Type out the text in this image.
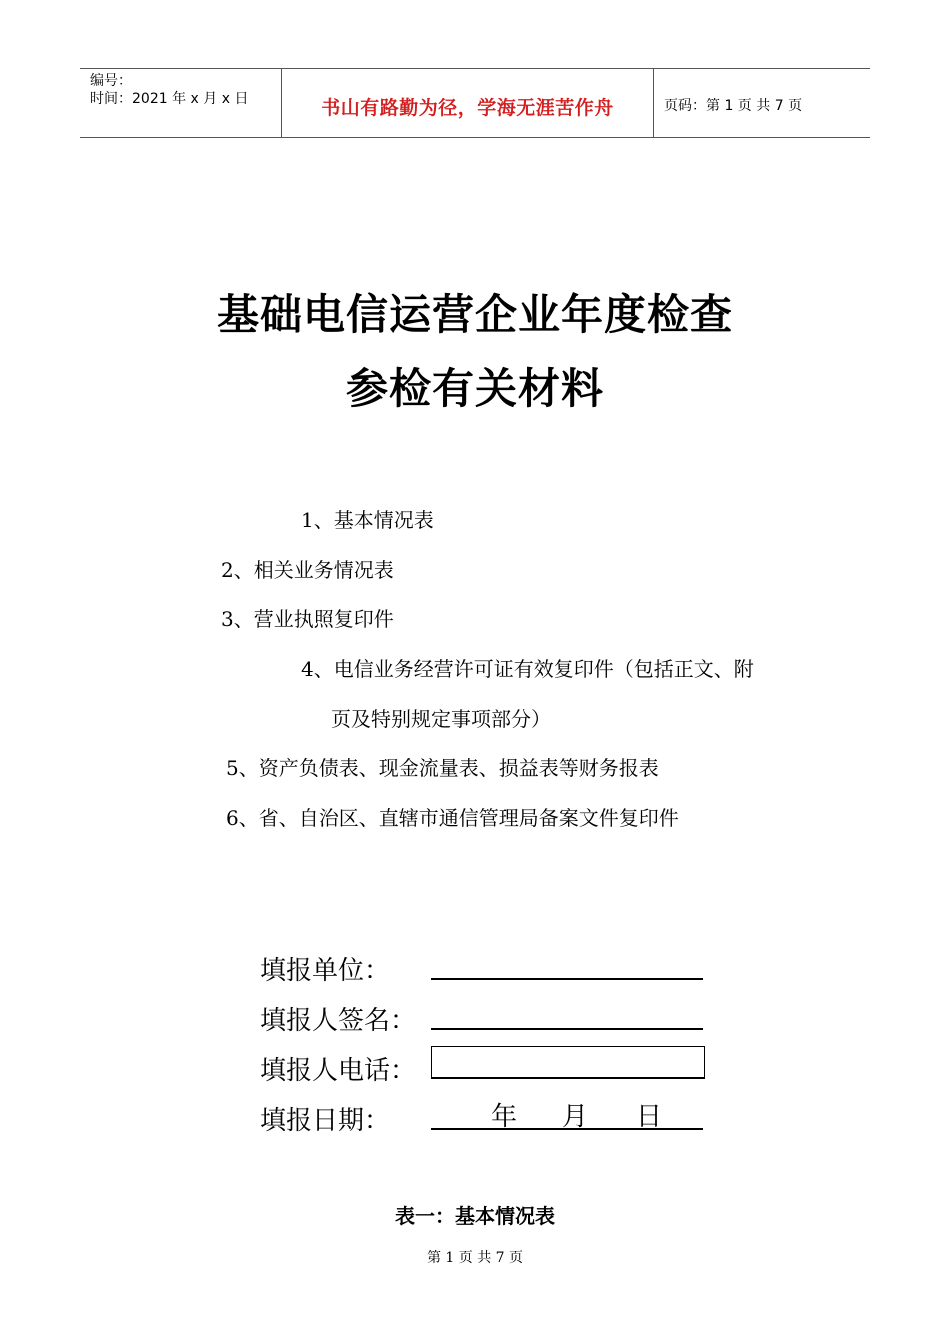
编号：
时间：2021 年 x 月 x 日	书山有路勤为径，学海无涯苦作舟	页码：第 1 页 共 7 页
基础电信运营企业年度检查
参检有关材料
1、基本情况表
2、相关业务情况表
3、营业执照复印件
4、电信业务经营许可证有效复印件（包括正文、附
页及特别规定事项部分）
5、资产负债表、现金流量表、损益表等财务报表
6、省、自治区、直辖市通信管理局备案文件复印件
填报单位：
填报人签名：
填报人电话：
填报日期：	年 月 日
表一：基本情况表
第 1 页 共 7 页
